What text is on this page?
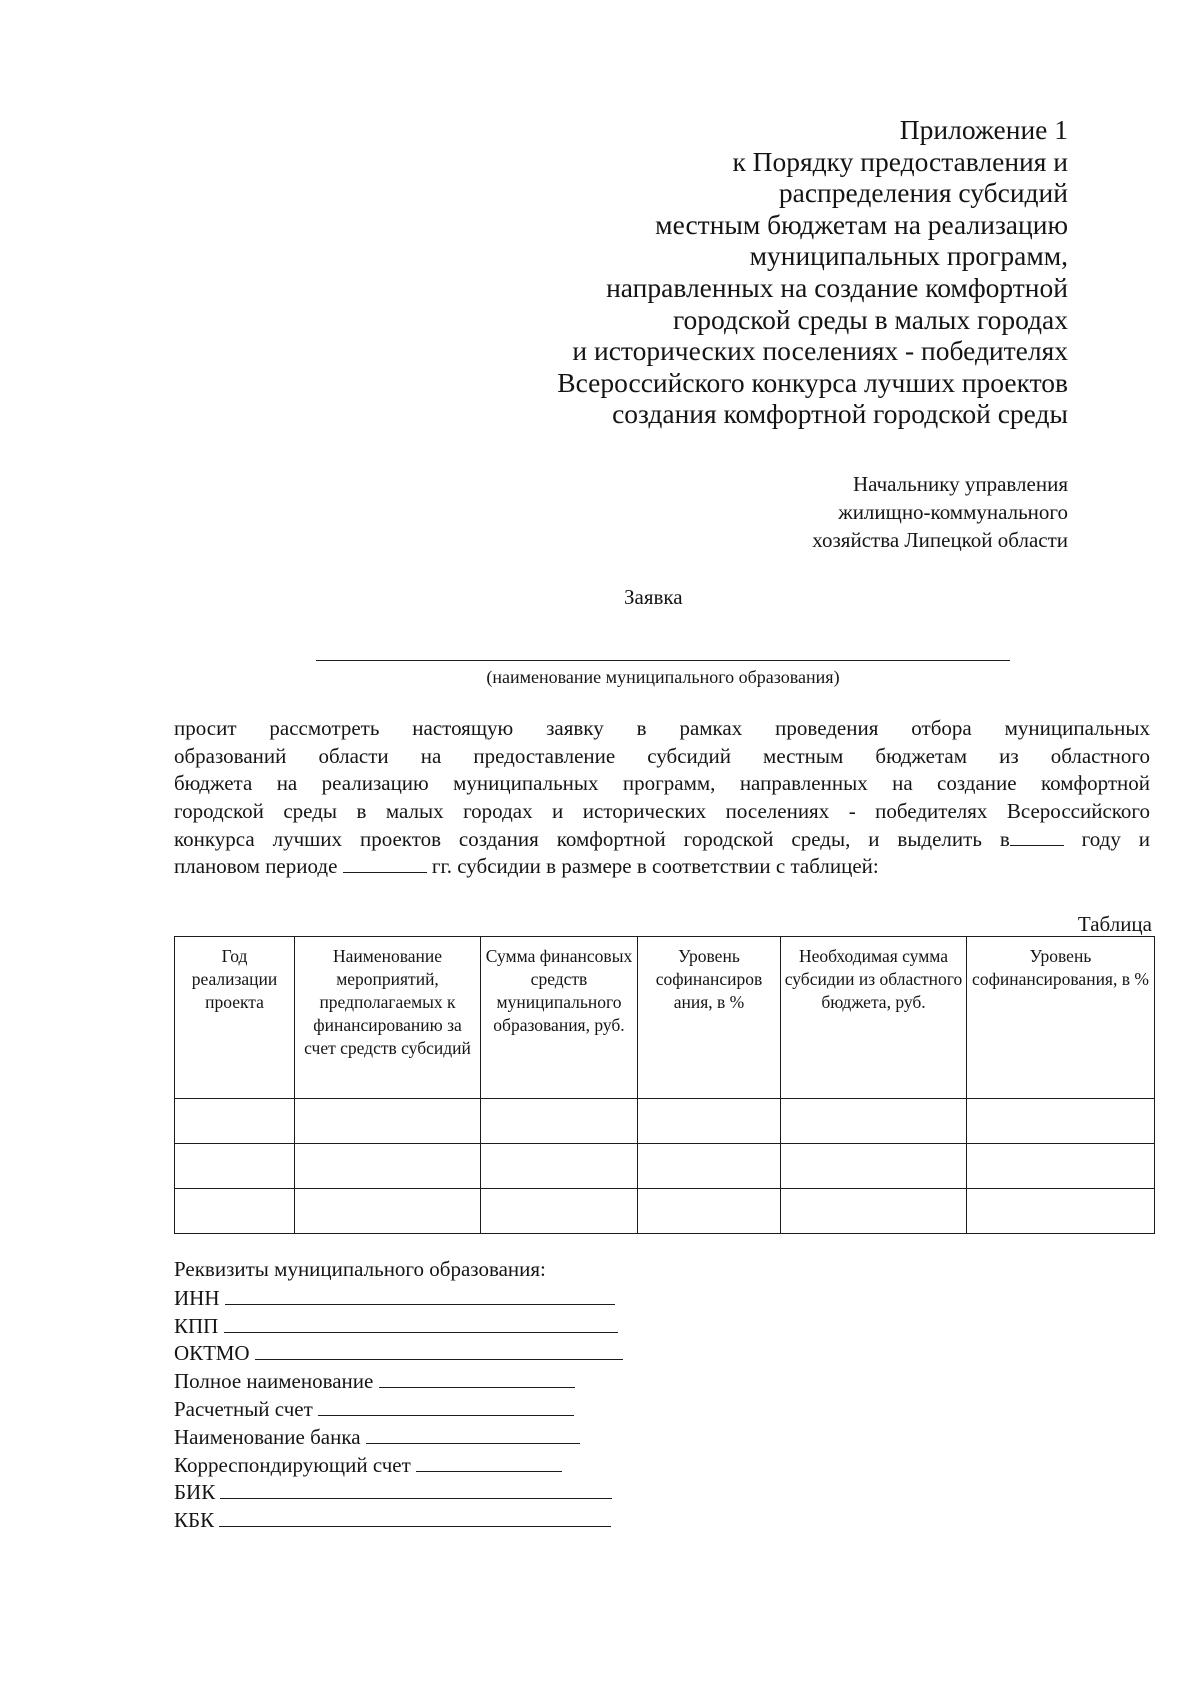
Приложение 1
к Порядку предоставления и
распределения субсидий
местным бюджетам на реализацию
муниципальных программ,
направленных на создание комфортной
городской среды в малых городах
и исторических поселениях - победителях
Всероссийского конкурса лучших проектов
создания комфортной городской среды
Начальнику управления
жилищно-коммунального
хозяйства Липецкой области
Заявка
(наименование муниципального образования)
просит рассмотреть настоящую заявку в рамках проведения отбора муниципальных
образований области на предоставление субсидий местным бюджетам из областного
бюджета на реализацию муниципальных программ, направленных на создание комфортной
городской среды в малых городах и исторических поселениях - победителях Всероссийского
конкурса лучших проектов создания комфортной городской среды, и выделить в	году и
плановом периоде	гг. субсидии в размере в соответствии с таблицей:
Таблица
Год реализации проекта	Наименование мероприятий, предполагаемых к финансированию за счет средств субсидий	Сумма финансовых средств муниципального образования, руб.	Уровень софинансиров ания, в %	Необходимая сумма субсидии из областного бюджета, руб.	Уровень софинансирования, в %

Реквизиты муниципального образования:
ИНН
КПП
ОКТМО
Полное наименование
Расчетный счет
Наименование банка
Корреспондирующий счет
БИК
КБК
